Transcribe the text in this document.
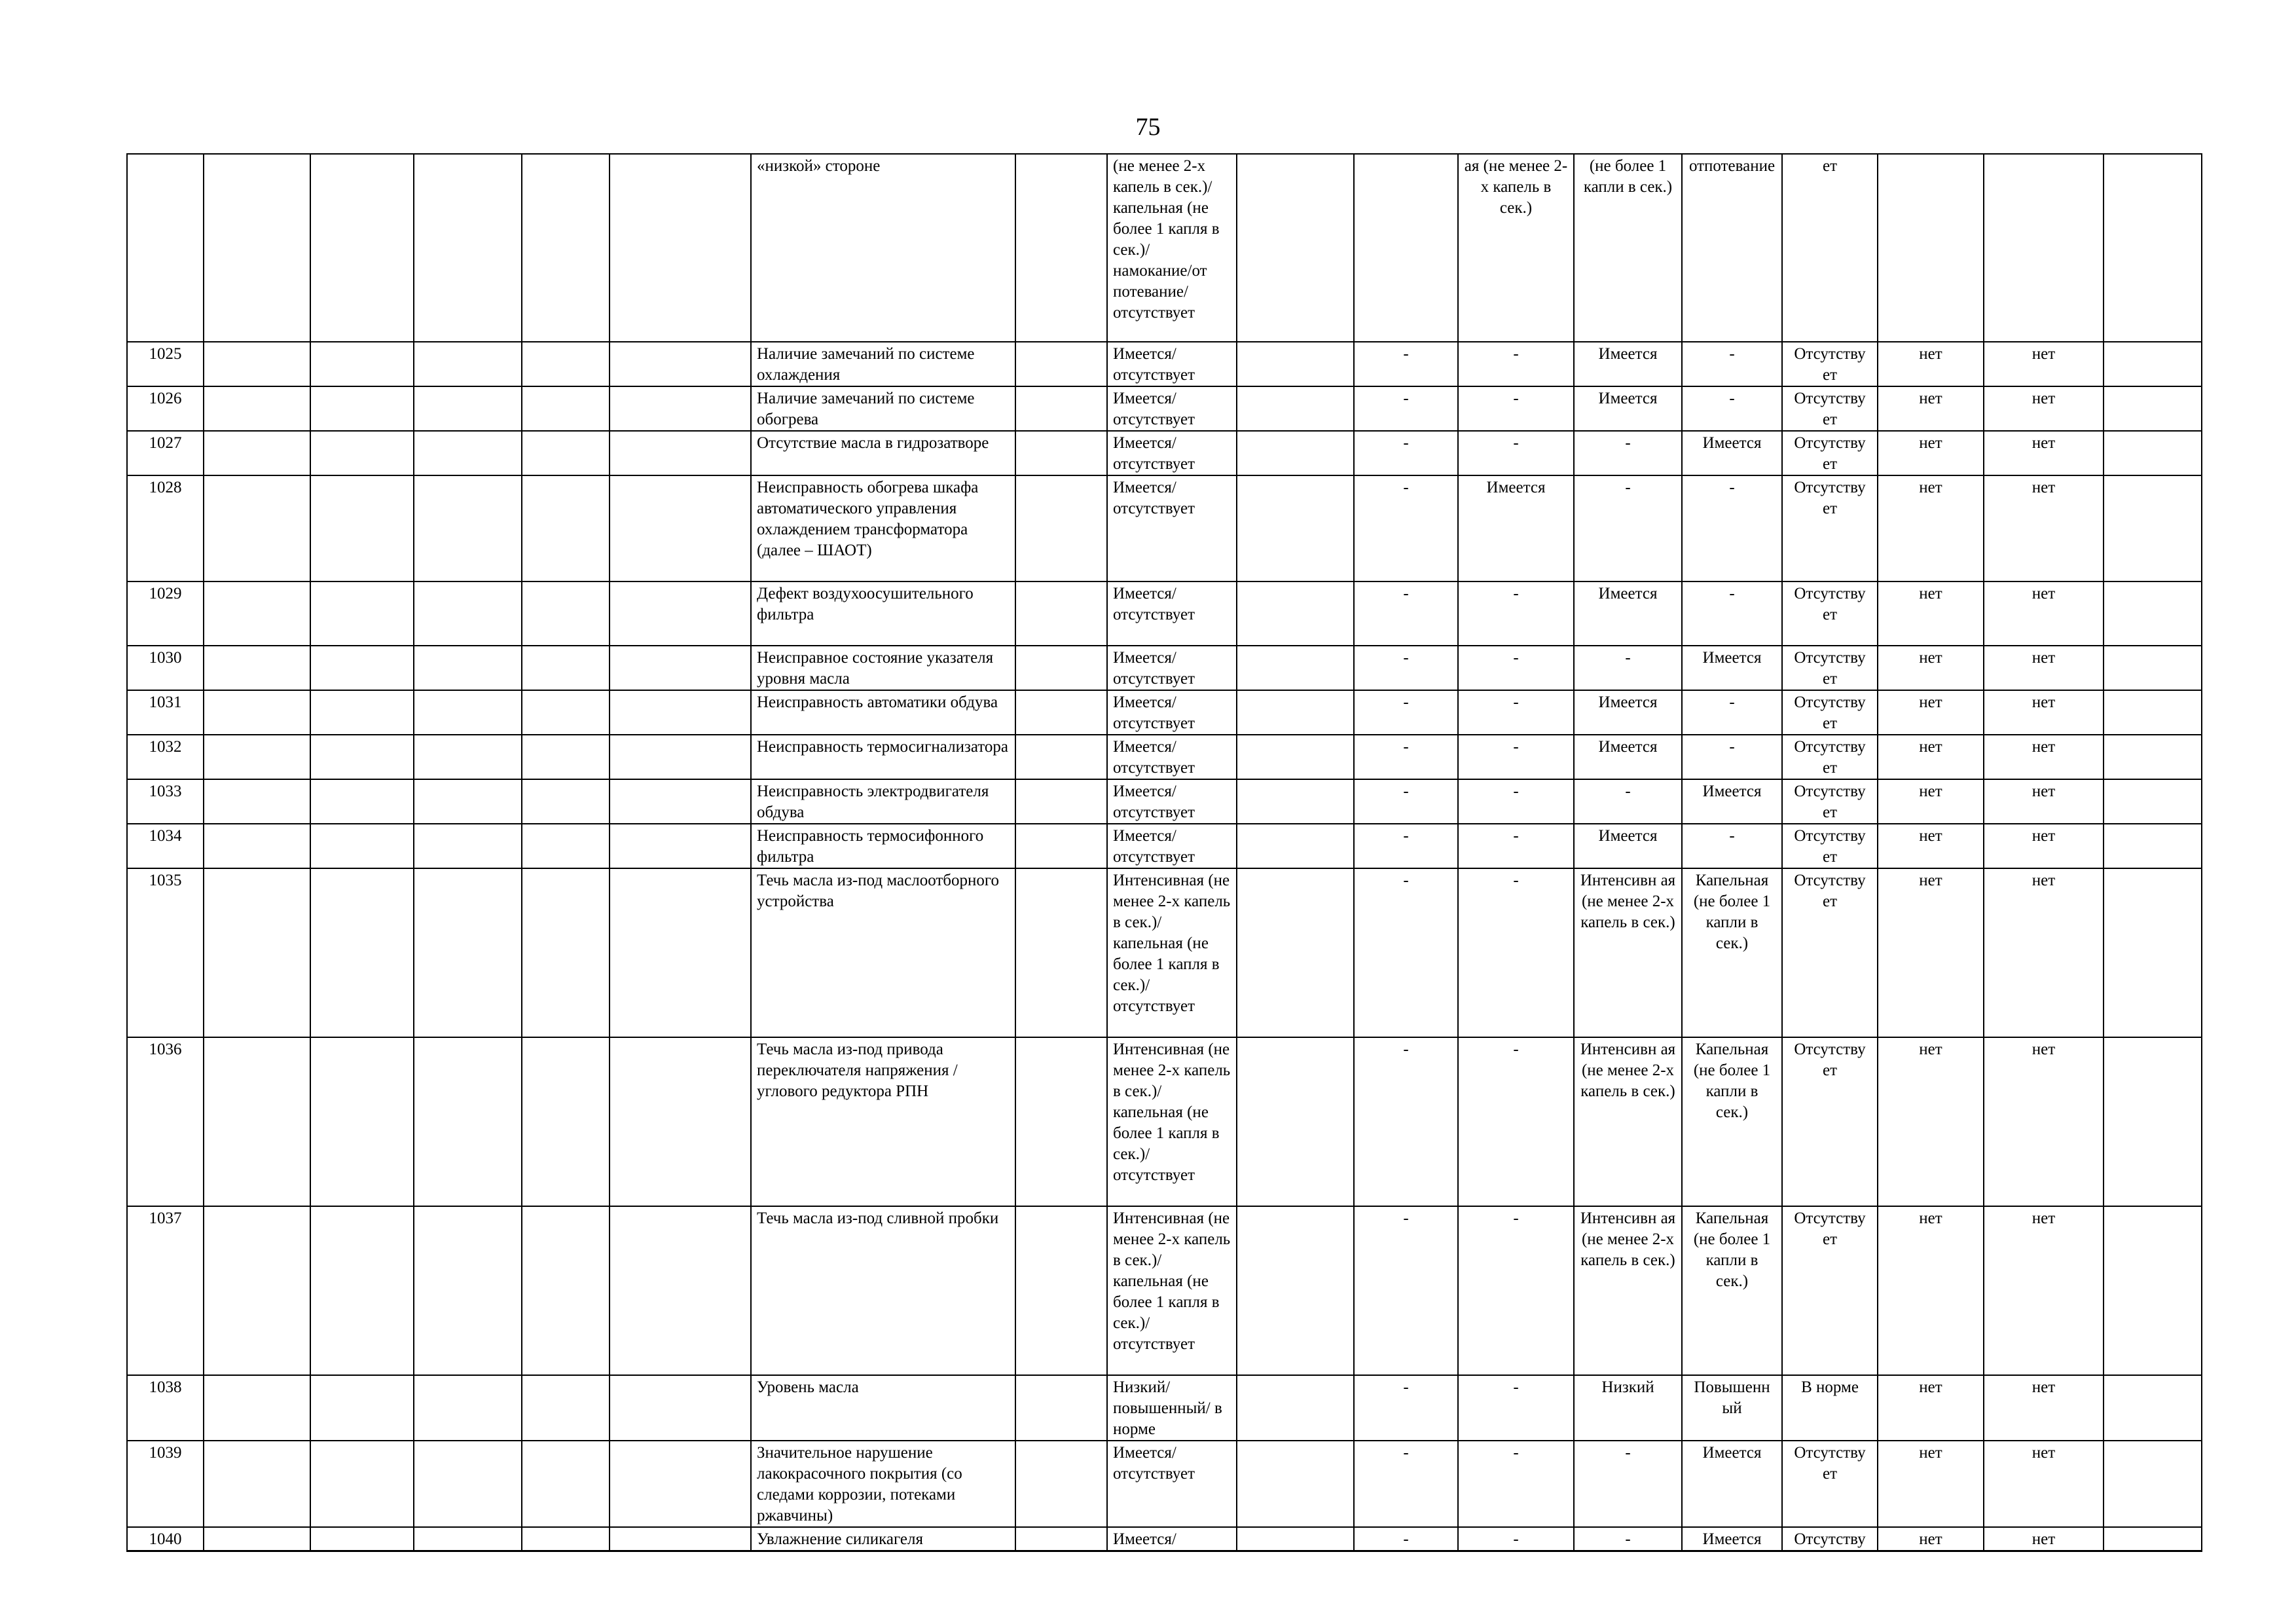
75
						«низкой» стороне		(не менее 2-х капель в сек.)/ капельная (не более 1 капля в сек.)/ намокание/от потевание/ отсутствует			ая (не менее 2-х капель в сек.)	(не более 1 капли в сек.)	отпотевание	ет			
1025						Наличие замечаний по системе охлаждения		Имеется/ отсутствует		-	-	Имеется	-	Отсутству ет	нет	нет	
1026						Наличие замечаний по системе обогрева		Имеется/ отсутствует		-	-	Имеется	-	Отсутству ет	нет	нет	
1027						Отсутствие масла в гидрозатворе		Имеется/ отсутствует		-	-	-	Имеется	Отсутству ет	нет	нет	
1028						Неисправность обогрева шкафа автоматического управления охлаждением трансформатора (далее – ШАОТ)		Имеется/ отсутствует		-	Имеется	-	-	Отсутству ет	нет	нет	
1029						Дефект воздухоосушительного фильтра		Имеется/ отсутствует		-	-	Имеется	-	Отсутству ет	нет	нет	
1030						Неисправное состояние указателя уровня масла		Имеется/ отсутствует		-	-	-	Имеется	Отсутству ет	нет	нет	
1031						Неисправность автоматики обдува		Имеется/ отсутствует		-	-	Имеется	-	Отсутству ет	нет	нет	
1032						Неисправность термосигнализатора		Имеется/ отсутствует		-	-	Имеется	-	Отсутству ет	нет	нет	
1033						Неисправность электродвигателя обдува		Имеется/ отсутствует		-	-	-	Имеется	Отсутству ет	нет	нет	
1034						Неисправность термосифонного фильтра		Имеется/ отсутствует		-	-	Имеется	-	Отсутству ет	нет	нет	
1035						Течь масла из-под маслоотборного устройства		Интенсивная (не менее 2-х капель в сек.)/ капельная (не более 1 капля в сек.)/ отсутствует		-	-	Интенсивн ая (не менее 2-х капель в сек.)	Капельная (не более 1 капли в сек.)	Отсутству ет	нет	нет	
1036						Течь масла из-под привода переключателя напряжения / углового редуктора РПН		Интенсивная (не менее 2-х капель в сек.)/ капельная (не более 1 капля в сек.)/ отсутствует		-	-	Интенсивн ая (не менее 2-х капель в сек.)	Капельная (не более 1 капли в сек.)	Отсутству ет	нет	нет	
1037						Течь масла из-под сливной пробки		Интенсивная (не менее 2-х капель в сек.)/ капельная (не более 1 капля в сек.)/ отсутствует		-	-	Интенсивн ая (не менее 2-х капель в сек.)	Капельная (не более 1 капли в сек.)	Отсутству ет	нет	нет	
1038						Уровень масла		Низкий/ повышенный/ в норме		-	-	Низкий	Повышенн ый	В норме	нет	нет	
1039						Значительное нарушение лакокрасочного покрытия (со следами коррозии, потеками ржавчины)		Имеется/ отсутствует		-	-	-	Имеется	Отсутству ет	нет	нет	
1040						Увлажнение силикагеля		Имеется/		-	-	-	Имеется	Отсутству	нет	нет	
